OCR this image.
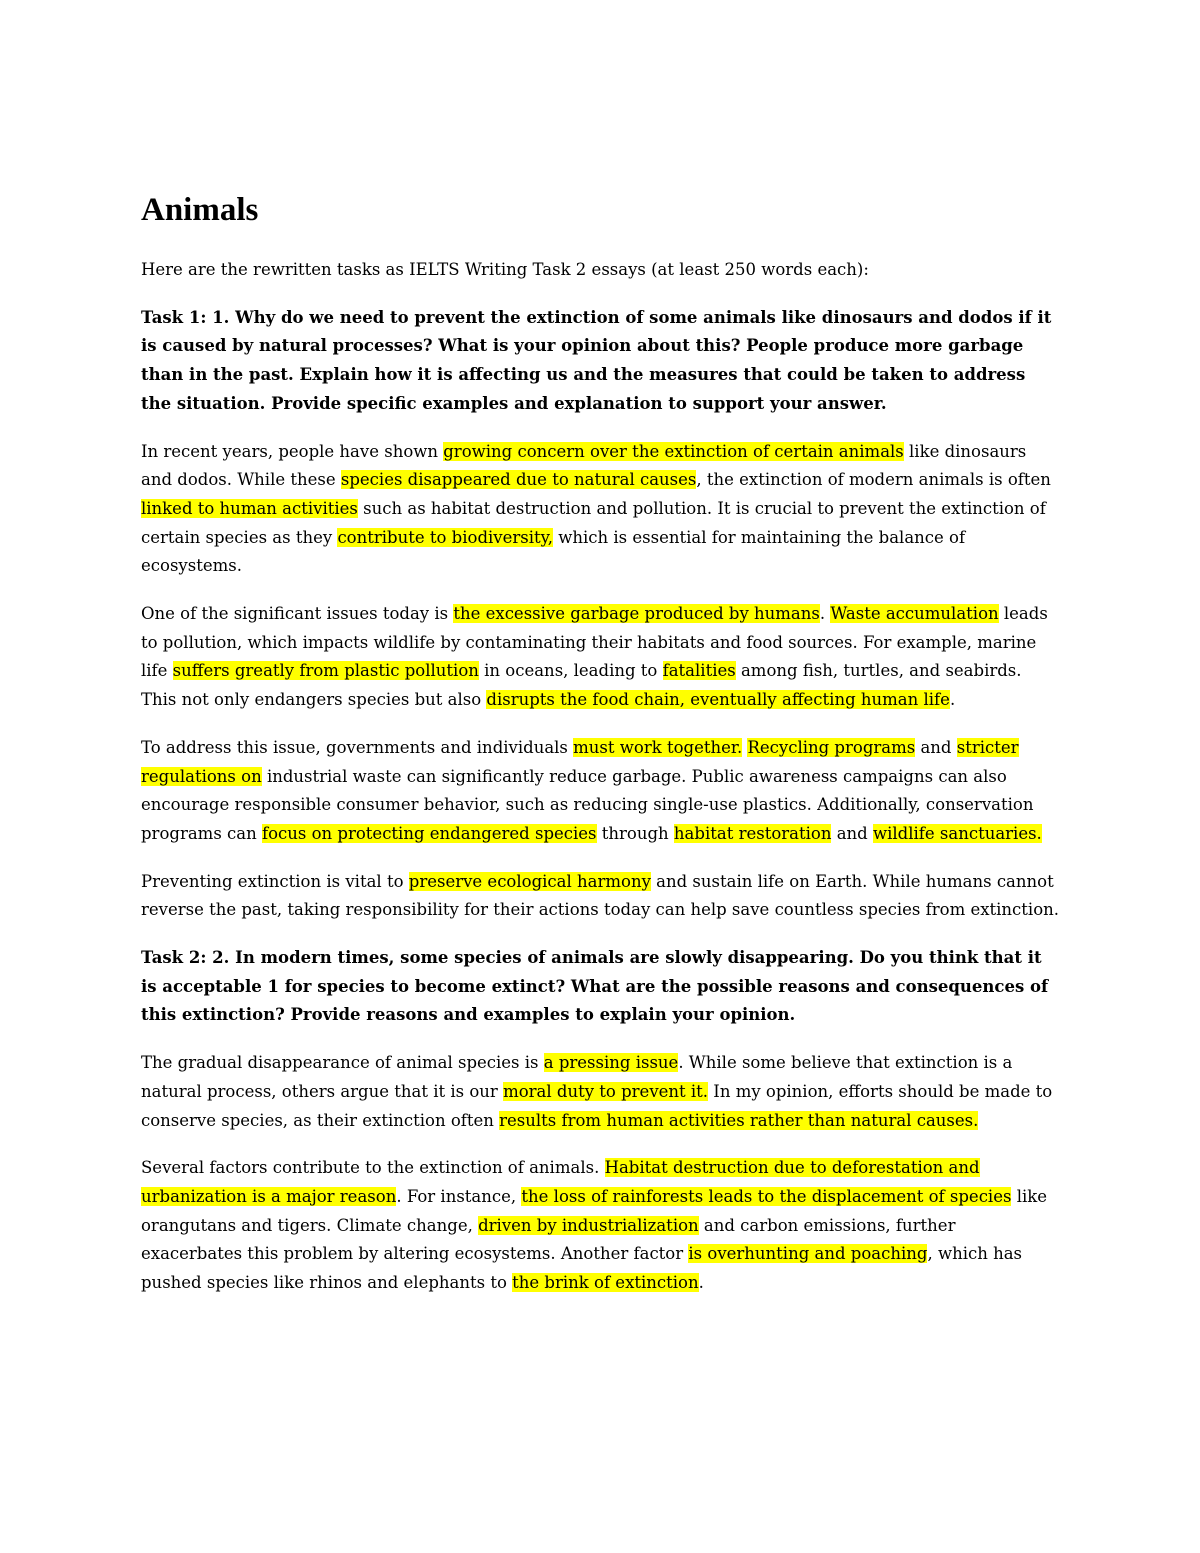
Animals

Here are the rewritten tasks as IELTS Writing Task 2 essays (at least 250 words each):

Task 1: 1. Why do we need to prevent the extinction of some animals like dinosaurs and dodos if it is caused by natural processes? What is your opinion about this? People produce more garbage than in the past. Explain how it is affecting us and the measures that could be taken to address the situation. Provide specific examples and explanation to support your answer.

In recent years, people have shown growing concern over the extinction of certain animals like dinosaurs and dodos. While these species disappeared due to natural causes, the extinction of modern animals is often linked to human activities such as habitat destruction and pollution. It is crucial to prevent the extinction of certain species as they contribute to biodiversity, which is essential for maintaining the balance of ecosystems.

One of the significant issues today is the excessive garbage produced by humans. Waste accumulation leads to pollution, which impacts wildlife by contaminating their habitats and food sources. For example, marine life suffers greatly from plastic pollution in oceans, leading to fatalities among fish, turtles, and seabirds. This not only endangers species but also disrupts the food chain, eventually affecting human life.

To address this issue, governments and individuals must work together. Recycling programs and stricter regulations on industrial waste can significantly reduce garbage. Public awareness campaigns can also encourage responsible consumer behavior, such as reducing single-use plastics. Additionally, conservation programs can focus on protecting endangered species through habitat restoration and wildlife sanctuaries.

Preventing extinction is vital to preserve ecological harmony and sustain life on Earth. While humans cannot reverse the past, taking responsibility for their actions today can help save countless species from extinction.

Task 2: 2. In modern times, some species of animals are slowly disappearing. Do you think that it is acceptable 1 for species to become extinct? What are the possible reasons and consequences of this extinction? Provide reasons and examples to explain your opinion.

The gradual disappearance of animal species is a pressing issue. While some believe that extinction is a natural process, others argue that it is our moral duty to prevent it. In my opinion, efforts should be made to conserve species, as their extinction often results from human activities rather than natural causes.

Several factors contribute to the extinction of animals. Habitat destruction due to deforestation and urbanization is a major reason. For instance, the loss of rainforests leads to the displacement of species like orangutans and tigers. Climate change, driven by industrialization and carbon emissions, further exacerbates this problem by altering ecosystems. Another factor is overhunting and poaching, which has pushed species like rhinos and elephants to the brink of extinction.
